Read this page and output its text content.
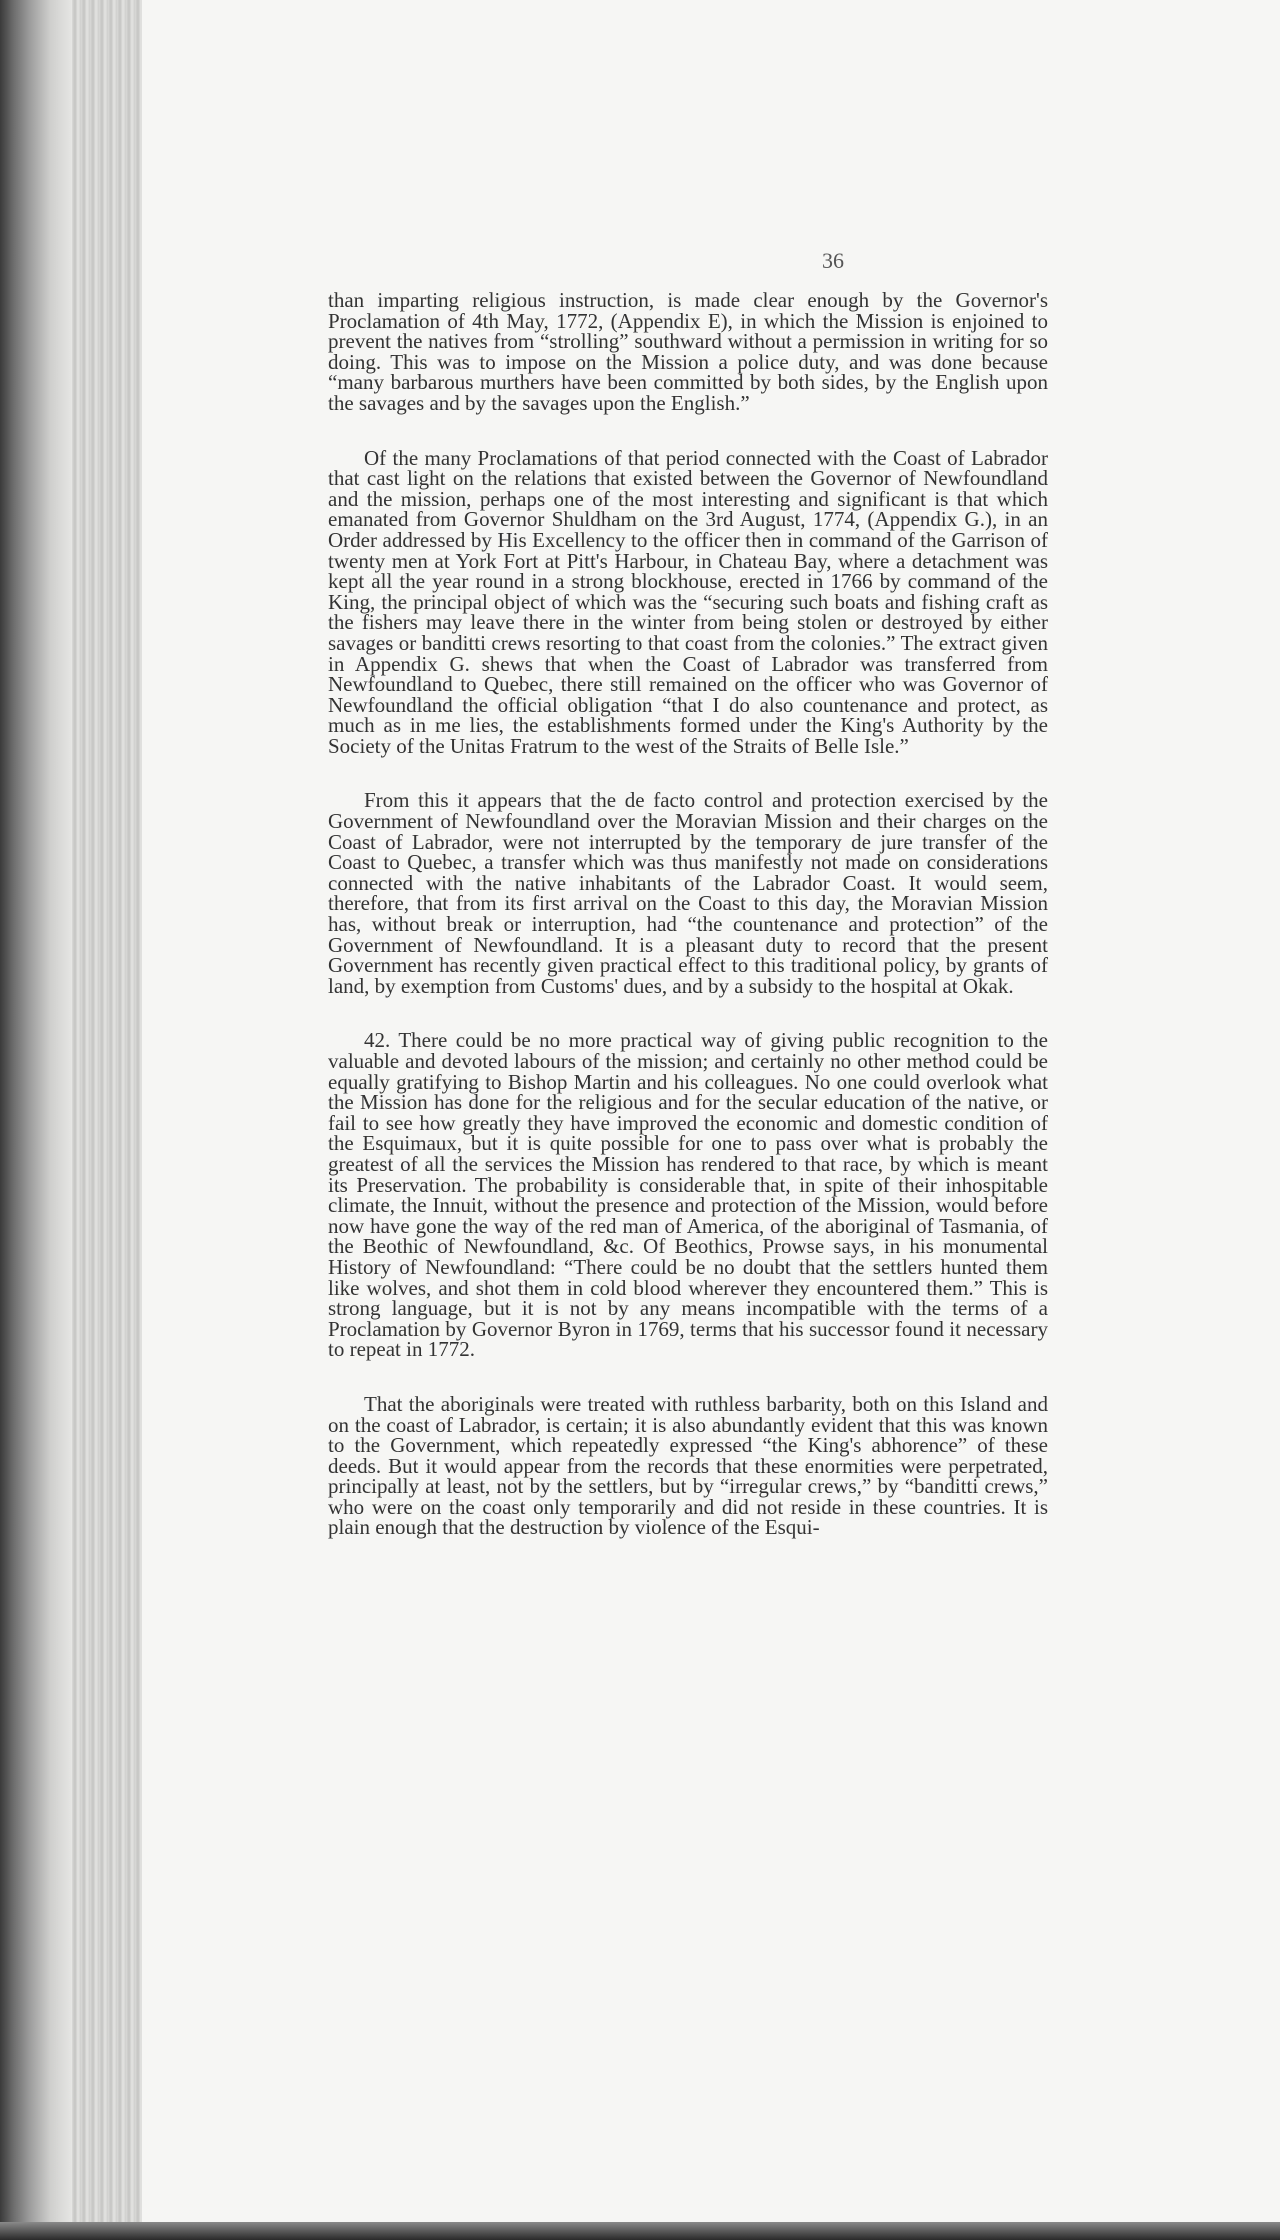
36

than imparting religious instruction, is made clear enough by the Governor's Proclamation of 4th May, 1772, (Appendix E), in which the Mission is enjoined to prevent the natives from “strolling” southward without a permission in writing for so doing. This was to impose on the Mission a police duty, and was done because “many barbarous murthers have been committed by both sides, by the English upon the savages and by the savages upon the English.”

Of the many Proclamations of that period connected with the Coast of Labrador that cast light on the relations that existed between the Governor of Newfoundland and the mission, perhaps one of the most interesting and significant is that which emanated from Governor Shuldham on the 3rd August, 1774, (Appendix G.), in an Order addressed by His Excellency to the officer then in command of the Garrison of twenty men at York Fort at Pitt's Harbour, in Chateau Bay, where a detachment was kept all the year round in a strong blockhouse, erected in 1766 by command of the King, the principal object of which was the “securing such boats and fishing craft as the fishers may leave there in the winter from being stolen or destroyed by either savages or banditti crews resorting to that coast from the colonies.” The extract given in Appendix G. shews that when the Coast of Labrador was transferred from Newfoundland to Quebec, there still remained on the officer who was Governor of Newfoundland the official obligation “that I do also countenance and protect, as much as in me lies, the establishments formed under the King's Authority by the Society of the Unitas Fratrum to the west of the Straits of Belle Isle.”

From this it appears that the de facto control and protection exercised by the Government of Newfoundland over the Moravian Mission and their charges on the Coast of Labrador, were not interrupted by the temporary de jure transfer of the Coast to Quebec, a transfer which was thus manifestly not made on considerations connected with the native inhabitants of the Labrador Coast. It would seem, therefore, that from its first arrival on the Coast to this day, the Moravian Mission has, without break or interruption, had “the countenance and protection” of the Government of Newfoundland. It is a pleasant duty to record that the present Government has recently given practical effect to this traditional policy, by grants of land, by exemption from Customs' dues, and by a subsidy to the hospital at Okak.

42. There could be no more practical way of giving public recognition to the valuable and devoted labours of the mission; and certainly no other method could be equally gratifying to Bishop Martin and his colleagues. No one could overlook what the Mission has done for the religious and for the secular education of the native, or fail to see how greatly they have improved the economic and domestic condition of the Esquimaux, but it is quite possible for one to pass over what is probably the greatest of all the services the Mission has rendered to that race, by which is meant its Preservation. The probability is considerable that, in spite of their inhospitable climate, the Innuit, without the presence and protection of the Mission, would before now have gone the way of the red man of America, of the aboriginal of Tasmania, of the Beothic of Newfoundland, &c. Of Beothics, Prowse says, in his monumental History of Newfoundland: “There could be no doubt that the settlers hunted them like wolves, and shot them in cold blood wherever they encountered them.” This is strong language, but it is not by any means incompatible with the terms of a Proclamation by Governor Byron in 1769, terms that his successor found it necessary to repeat in 1772.

That the aboriginals were treated with ruthless barbarity, both on this Island and on the coast of Labrador, is certain; it is also abundantly evident that this was known to the Government, which repeatedly expressed “the King's abhorence” of these deeds. But it would appear from the records that these enormities were perpetrated, principally at least, not by the settlers, but by “irregular crews,” by “banditti crews,” who were on the coast only temporarily and did not reside in these countries. It is plain enough that the destruction by violence of the Esqui-
